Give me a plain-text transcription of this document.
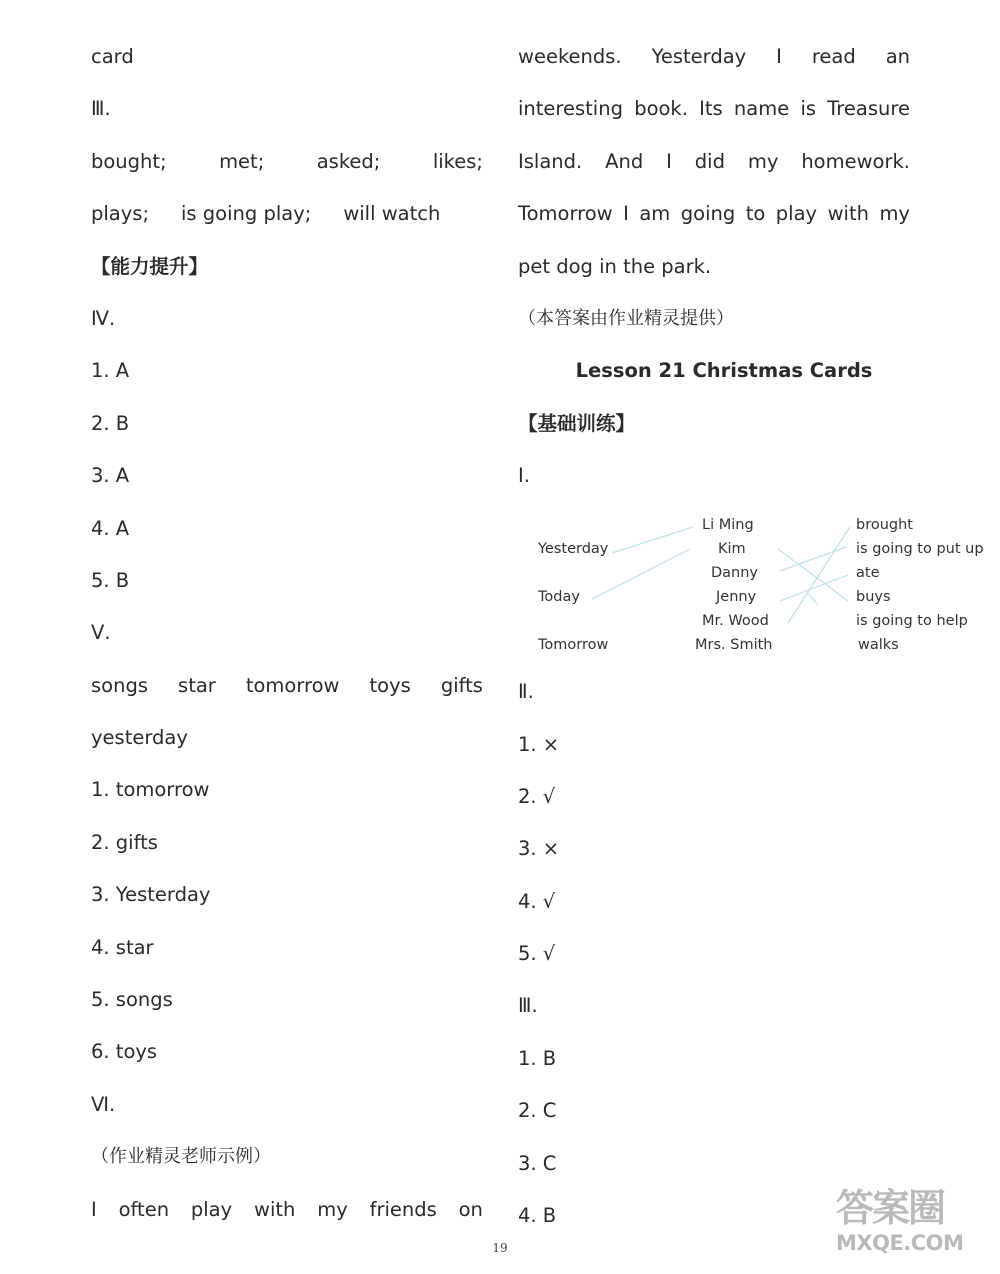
card
Ⅲ.
bought;	met;	asked;	likes;
plays; is going play; will watch
【能力提升】
Ⅳ.
1. A
2. B
3. A
4. A
5. B
Ⅴ.
songs star tomorrow toys gifts
yesterday
1. tomorrow
2. gifts
3. Yesterday
4. star
5. songs
6. toys
Ⅵ.
（作业精灵老师示例）
I often play with my friends on
weekends. Yesterday I read an
interesting book. Its name is Treasure
Island. And I did my homework.
Tomorrow I am going to play with my
pet dog in the park.
（本答案由作业精灵提供）
Lesson 21 Christmas Cards
【基础训练】
Ⅰ.
Yesterday
Today
Tomorrow
Li Ming
Kim
Danny
Jenny
Mr. Wood
Mrs. Smith
brought
is going to put up
ate
buys
is going to help
walks
Ⅱ.
1. ×
2. √
3. ×
4. √
5. √
Ⅲ.
1. B
2. C
3. C
4. B
19
答案圈
MXQE.COM
